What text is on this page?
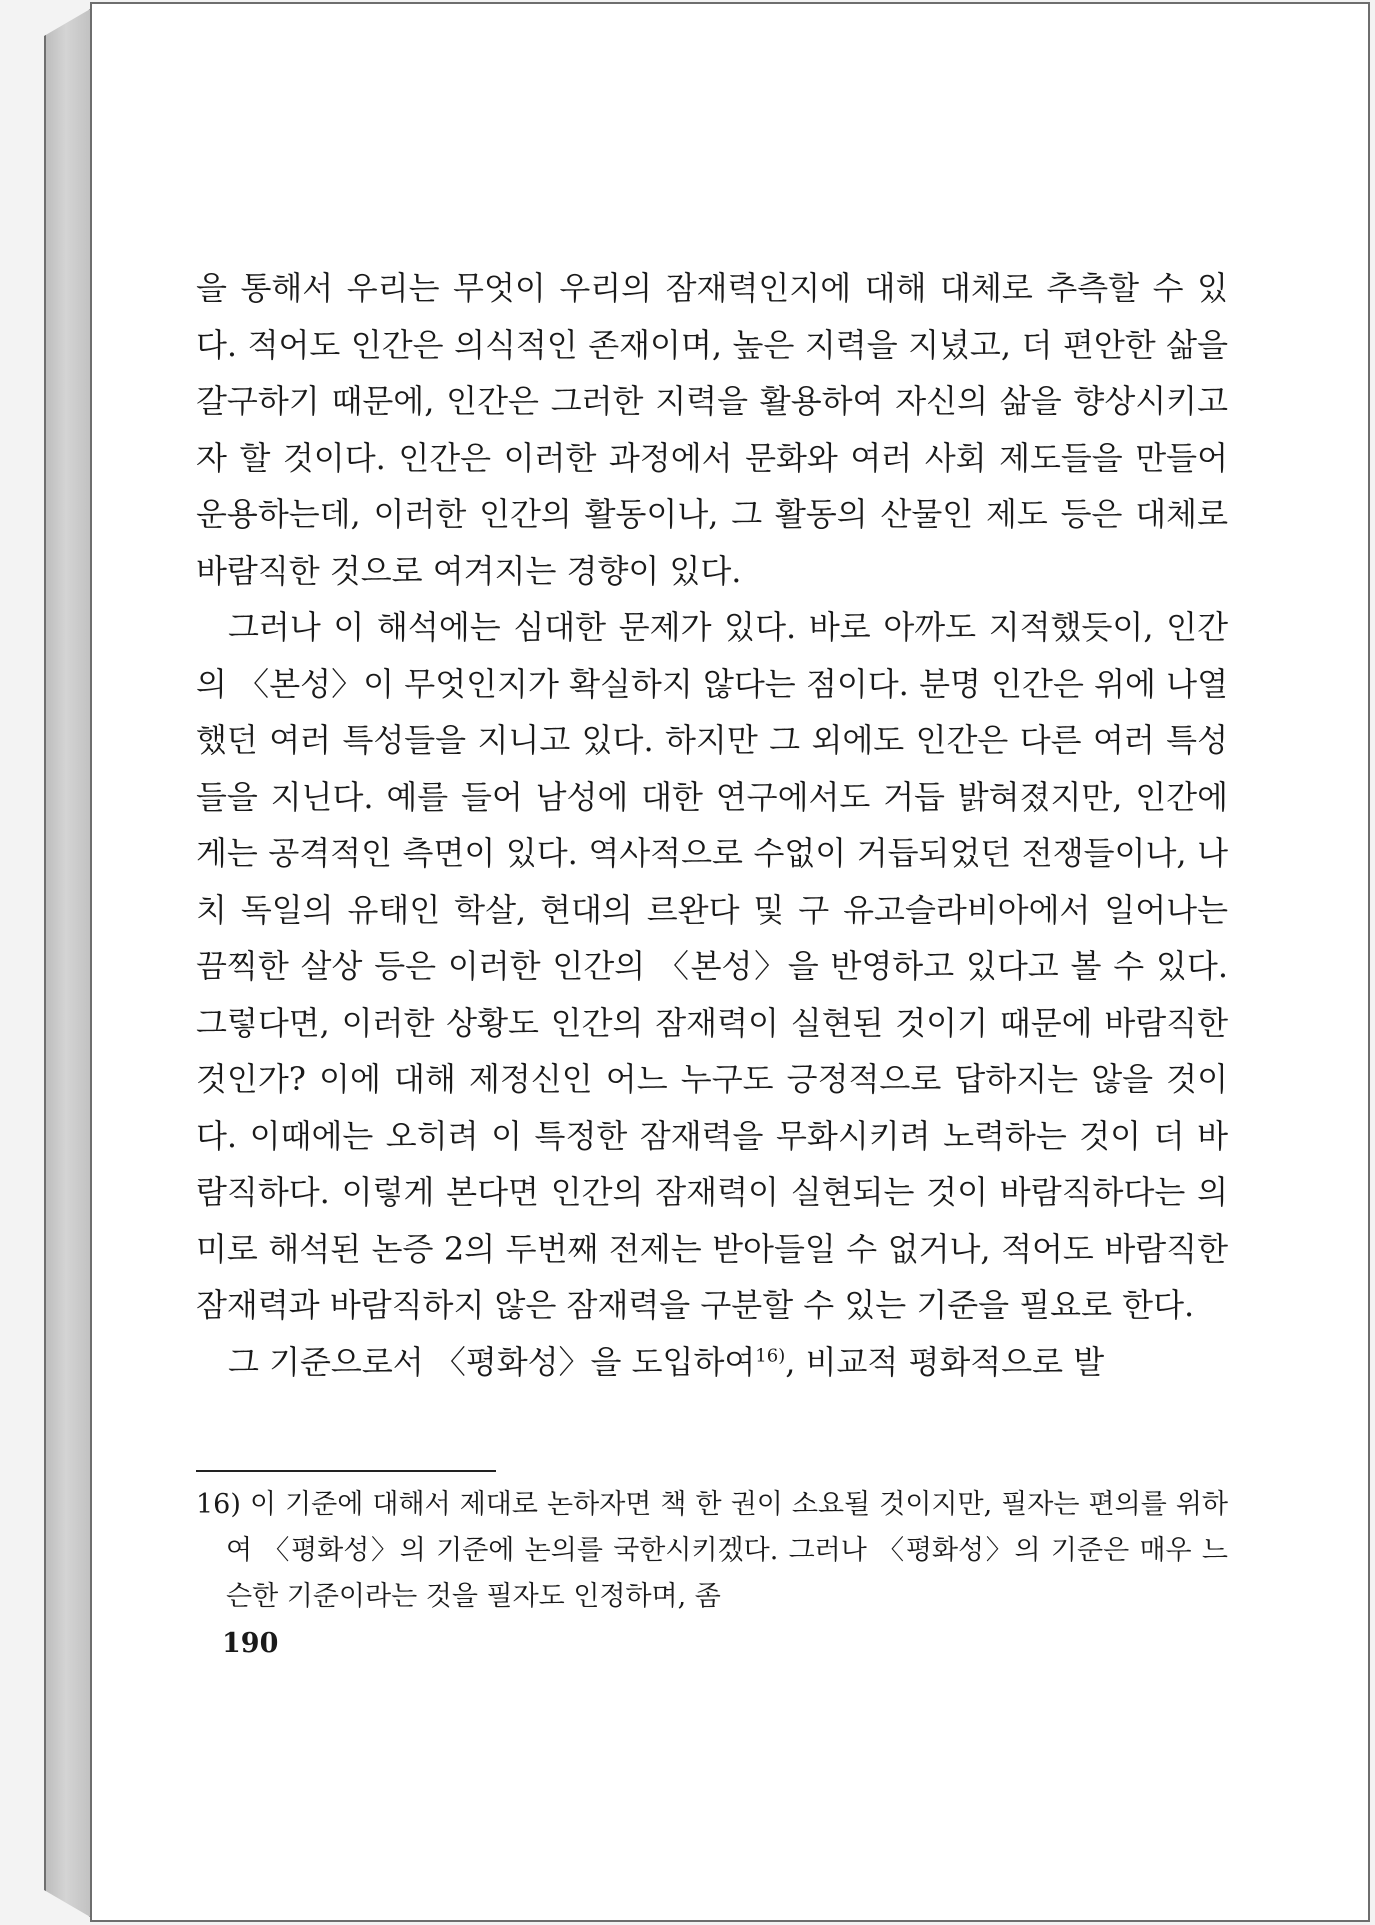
을 통해서 우리는 무엇이 우리의 잠재력인지에 대해 대체로 추측할 수 있다. 적어도 인간은 의식적인 존재이며, 높은 지력을 지녔고, 더 편안한 삶을 갈구하기 때문에, 인간은 그러한 지력을 활용하여 자신의 삶을 향상시키고자 할 것이다. 인간은 이러한 과정에서 문화와 여러 사회 제도들을 만들어 운용하는데, 이러한 인간의 활동이나, 그 활동의 산물인 제도 등은 대체로 바람직한 것으로 여겨지는 경향이 있다.

그러나 이 해석에는 심대한 문제가 있다. 바로 아까도 지적했듯이, 인간의 〈본성〉이 무엇인지가 확실하지 않다는 점이다. 분명 인간은 위에 나열했던 여러 특성들을 지니고 있다. 하지만 그 외에도 인간은 다른 여러 특성들을 지닌다. 예를 들어 남성에 대한 연구에서도 거듭 밝혀졌지만, 인간에게는 공격적인 측면이 있다. 역사적으로 수없이 거듭되었던 전쟁들이나, 나치 독일의 유태인 학살, 현대의 르완다 및 구 유고슬라비아에서 일어나는 끔찍한 살상 등은 이러한 인간의 〈본성〉을 반영하고 있다고 볼 수 있다. 그렇다면, 이러한 상황도 인간의 잠재력이 실현된 것이기 때문에 바람직한 것인가? 이에 대해 제정신인 어느 누구도 긍정적으로 답하지는 않을 것이다. 이때에는 오히려 이 특정한 잠재력을 무화시키려 노력하는 것이 더 바람직하다. 이렇게 본다면 인간의 잠재력이 실현되는 것이 바람직하다는 의미로 해석된 논증 2의 두번째 전제는 받아들일 수 없거나, 적어도 바람직한 잠재력과 바람직하지 않은 잠재력을 구분할 수 있는 기준을 필요로 한다.

그 기준으로서 〈평화성〉을 도입하여$^{16)}$, 비교적 평화적으로 발

16) 이 기준에 대해서 제대로 논하자면 책 한 권이 소요될 것이지만, 필자는 편의를 위하여 〈평화성〉의 기준에 논의를 국한시키겠다. 그러나 〈평화성〉의 기준은 매우 느슨한 기준이라는 것을 필자도 인정하며, 좀
190
